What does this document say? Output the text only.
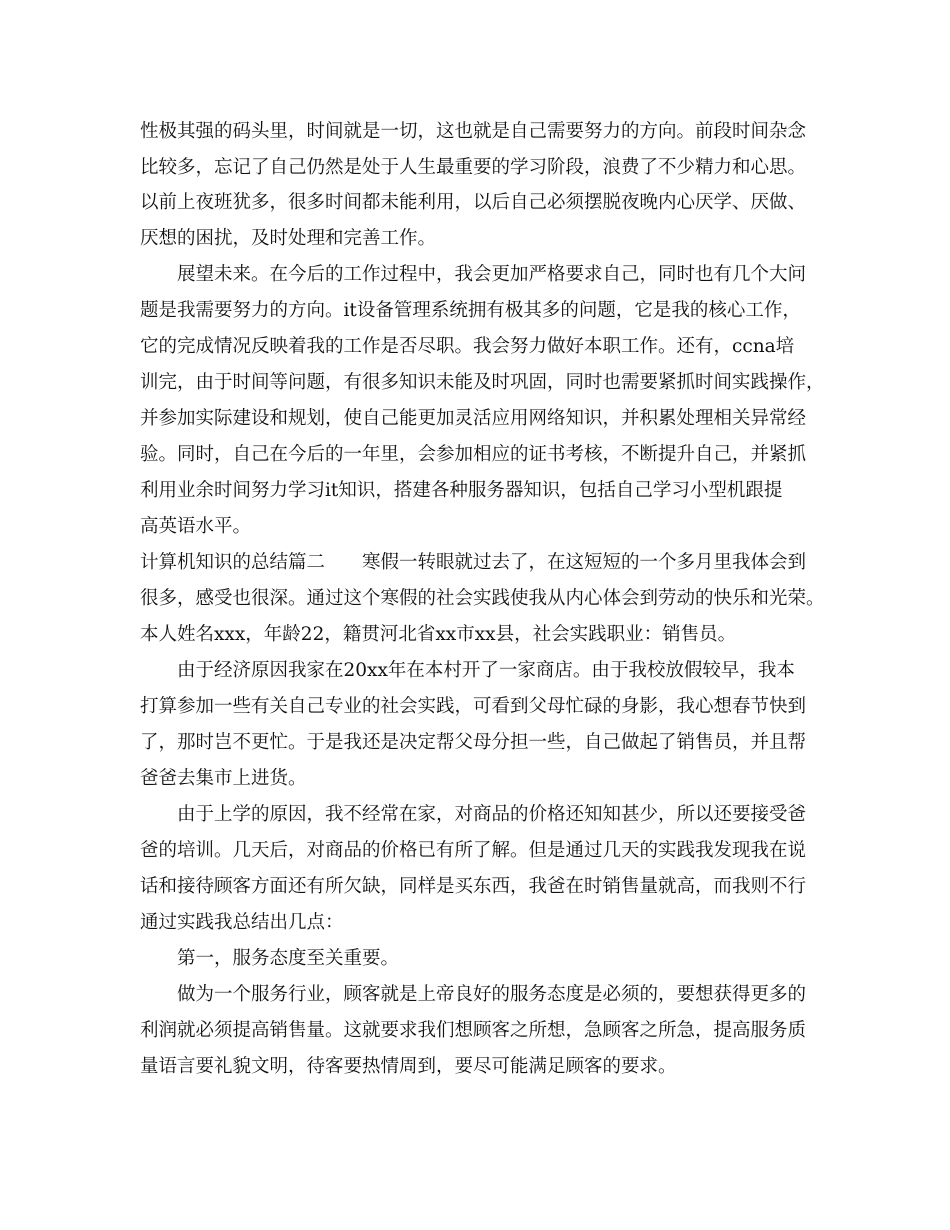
性极其强的码头里，时间就是一切，这也就是自己需要努力的方向。前段时间杂念
比较多，忘记了自己仍然是处于人生最重要的学习阶段，浪费了不少精力和心思。
以前上夜班犹多，很多时间都未能利用，以后自己必须摆脱夜晚内心厌学、厌做、
厌想的困扰，及时处理和完善工作。
展望未来。在今后的工作过程中，我会更加严格要求自己，同时也有几个大问
题是我需要努力的方向。it设备管理系统拥有极其多的问题，它是我的核心工作，
它的完成情况反映着我的工作是否尽职。我会努力做好本职工作。还有，ccna培
训完，由于时间等问题，有很多知识未能及时巩固，同时也需要紧抓时间实践操作，
并参加实际建设和规划，使自己能更加灵活应用网络知识，并积累处理相关异常经
验。同时，自己在今后的一年里，会参加相应的证书考核，不断提升自己，并紧抓
利用业余时间努力学习it知识，搭建各种服务器知识，包括自己学习小型机跟提
高英语水平。
计算机知识的总结篇二　　寒假一转眼就过去了，在这短短的一个多月里我体会到
很多，感受也很深。通过这个寒假的社会实践使我从内心体会到劳动的快乐和光荣。
本人姓名xxx，年龄22，籍贯河北省xx市xx县，社会实践职业：销售员。
由于经济原因我家在20xx年在本村开了一家商店。由于我校放假较早，我本
打算参加一些有关自己专业的社会实践，可看到父母忙碌的身影，我心想春节快到
了，那时岂不更忙。于是我还是决定帮父母分担一些，自己做起了销售员，并且帮
爸爸去集市上进货。
由于上学的原因，我不经常在家，对商品的价格还知知甚少，所以还要接受爸
爸的培训。几天后，对商品的价格已有所了解。但是通过几天的实践我发现我在说
话和接待顾客方面还有所欠缺，同样是买东西，我爸在时销售量就高，而我则不行
通过实践我总结出几点：
第一，服务态度至关重要。
做为一个服务行业，顾客就是上帝良好的服务态度是必须的，要想获得更多的
利润就必须提高销售量。这就要求我们想顾客之所想，急顾客之所急，提高服务质
量语言要礼貌文明，待客要热情周到，要尽可能满足顾客的要求。
